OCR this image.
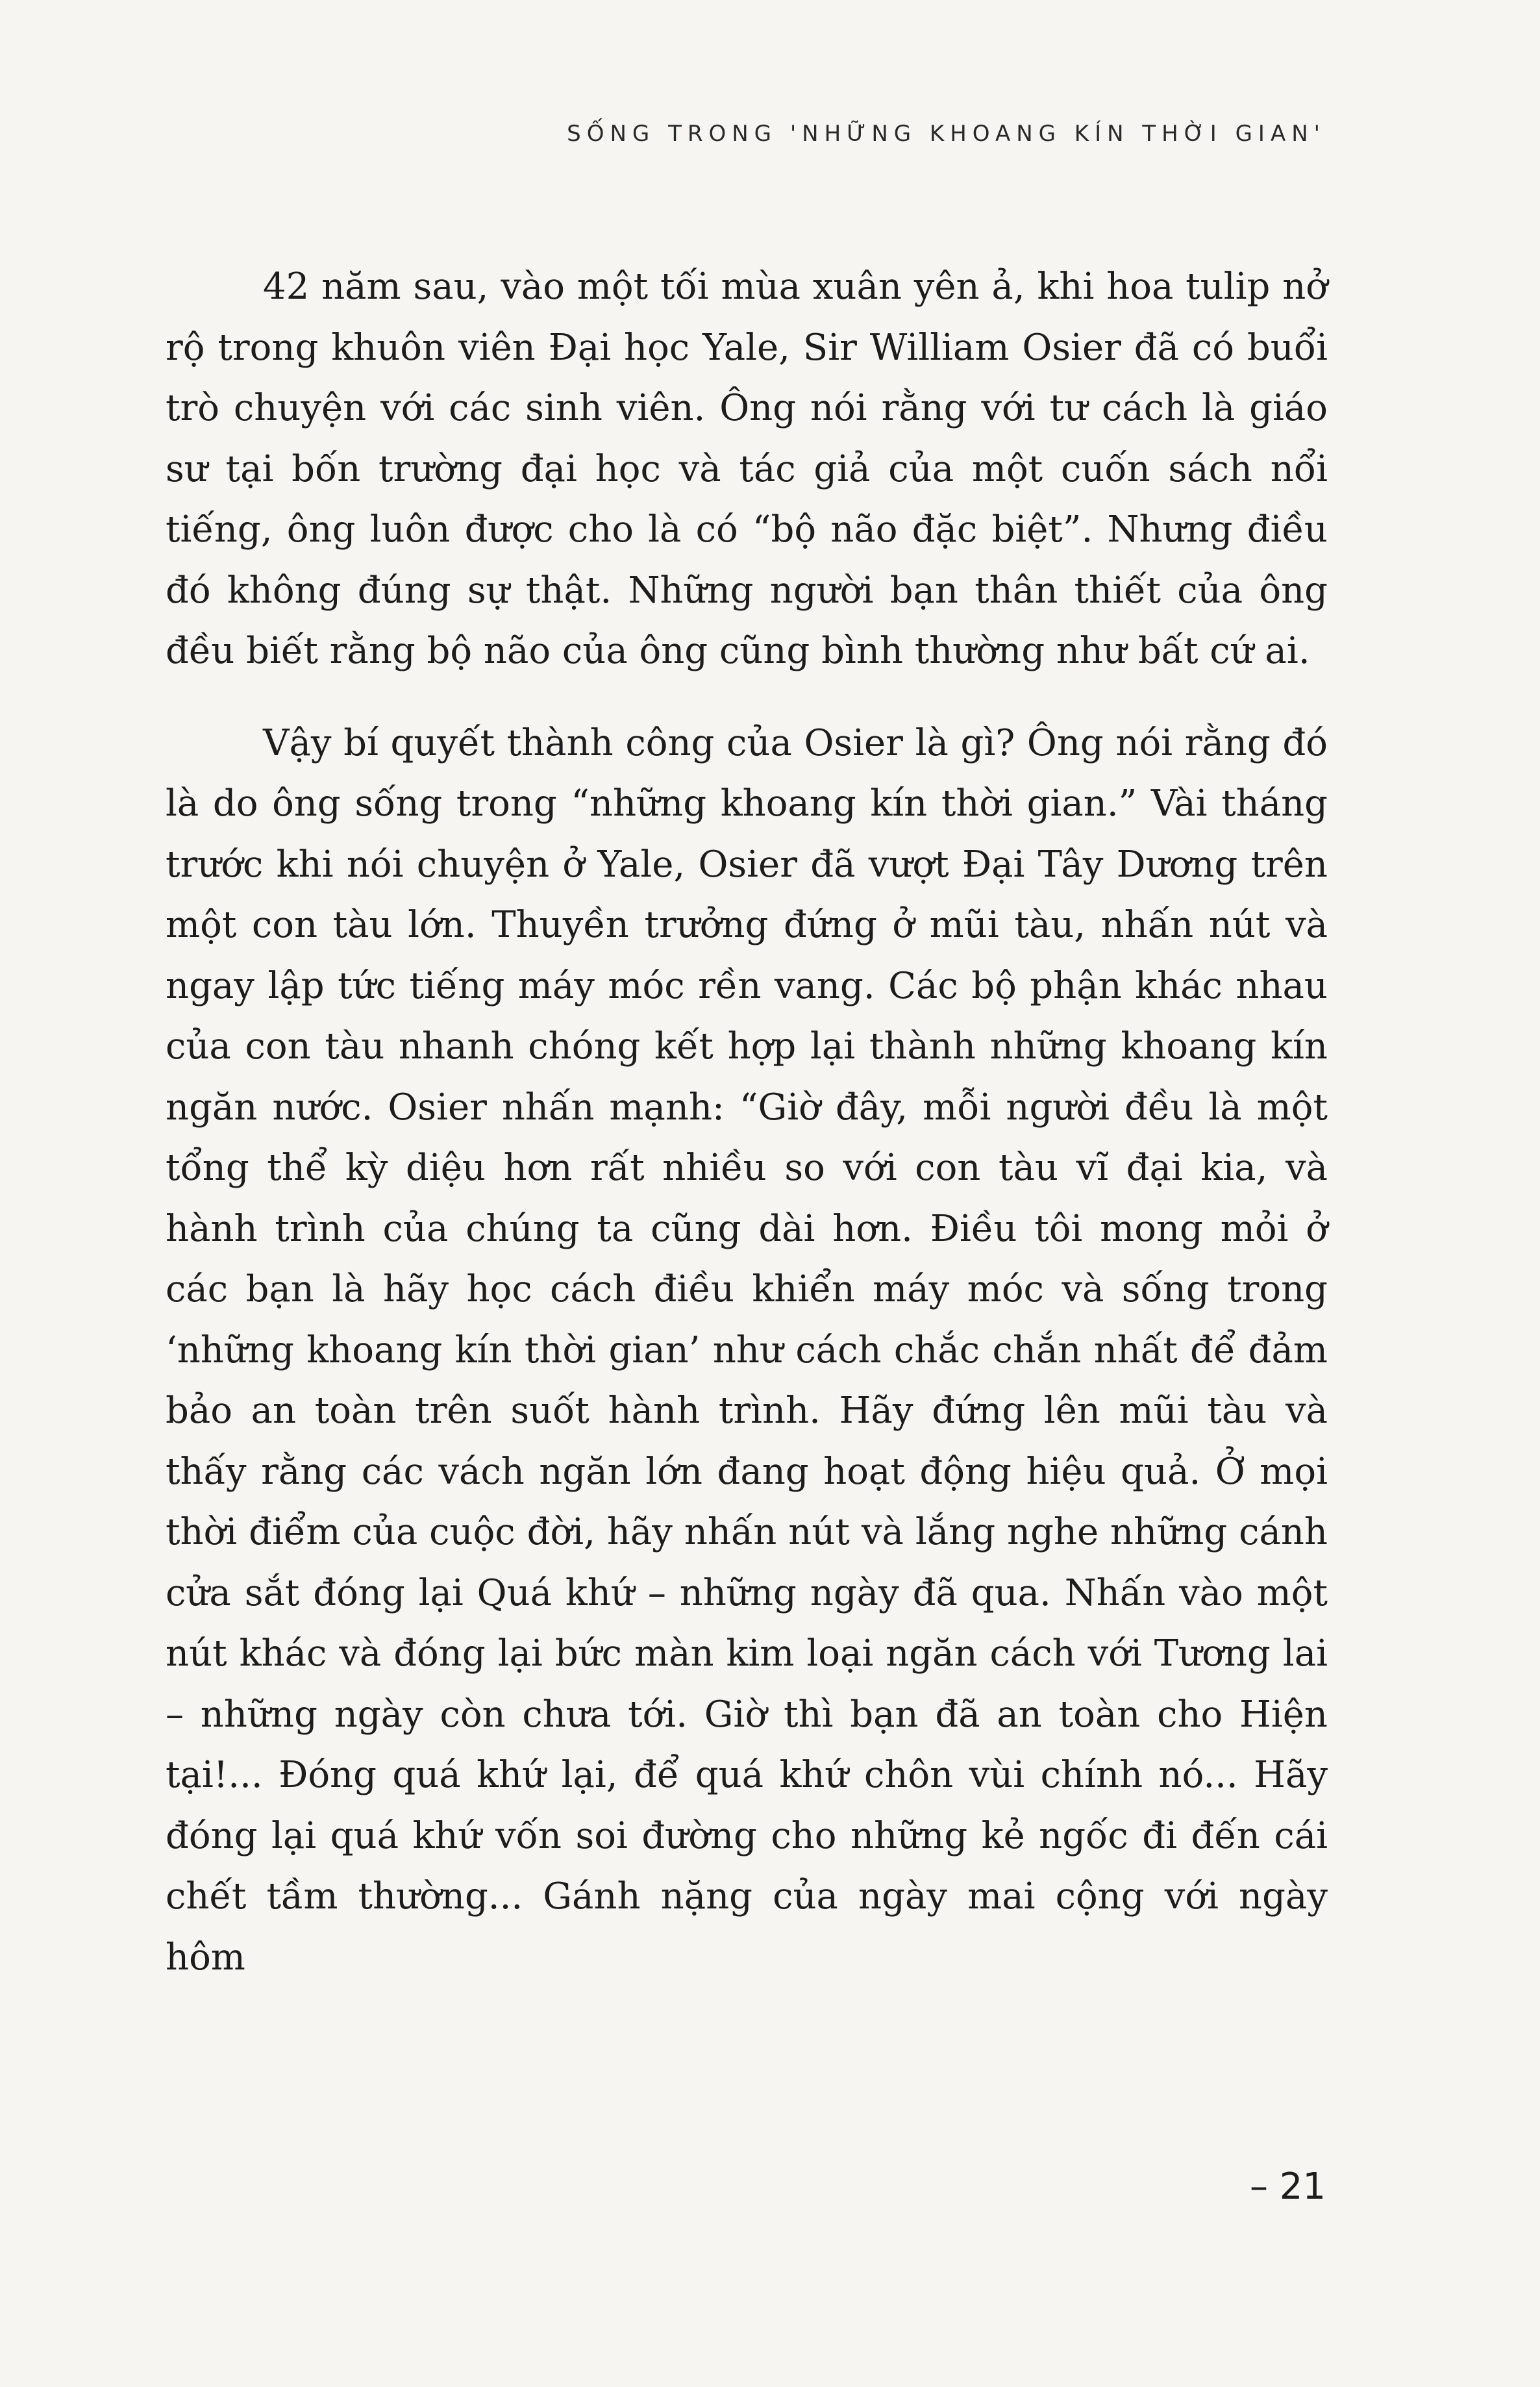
SỐNG TRONG 'NHỮNG KHOANG KÍN THỜI GIAN'

42 năm sau, vào một tối mùa xuân yên ả, khi hoa tulip nở rộ trong khuôn viên Đại học Yale, Sir William Osier đã có buổi trò chuyện với các sinh viên. Ông nói rằng với tư cách là giáo sư tại bốn trường đại học và tác giả của một cuốn sách nổi tiếng, ông luôn được cho là có “bộ não đặc biệt”. Nhưng điều đó không đúng sự thật. Những người bạn thân thiết của ông đều biết rằng bộ não của ông cũng bình thường như bất cứ ai.

Vậy bí quyết thành công của Osier là gì? Ông nói rằng đó là do ông sống trong “những khoang kín thời gian.” Vài tháng trước khi nói chuyện ở Yale, Osier đã vượt Đại Tây Dương trên một con tàu lớn. Thuyền trưởng đứng ở mũi tàu, nhấn nút và ngay lập tức tiếng máy móc rền vang. Các bộ phận khác nhau của con tàu nhanh chóng kết hợp lại thành những khoang kín ngăn nước. Osier nhấn mạnh: “Giờ đây, mỗi người đều là một tổng thể kỳ diệu hơn rất nhiều so với con tàu vĩ đại kia, và hành trình của chúng ta cũng dài hơn. Điều tôi mong mỏi ở các bạn là hãy học cách điều khiển máy móc và sống trong ‘những khoang kín thời gian’ như cách chắc chắn nhất để đảm bảo an toàn trên suốt hành trình. Hãy đứng lên mũi tàu và thấy rằng các vách ngăn lớn đang hoạt động hiệu quả. Ở mọi thời điểm của cuộc đời, hãy nhấn nút và lắng nghe những cánh cửa sắt đóng lại Quá khứ – những ngày đã qua. Nhấn vào một nút khác và đóng lại bức màn kim loại ngăn cách với Tương lai – những ngày còn chưa tới. Giờ thì bạn đã an toàn cho Hiện tại!... Đóng quá khứ lại, để quá khứ chôn vùi chính nó... Hãy đóng lại quá khứ vốn soi đường cho những kẻ ngốc đi đến cái chết tầm thường... Gánh nặng của ngày mai cộng với ngày hôm

– 21
